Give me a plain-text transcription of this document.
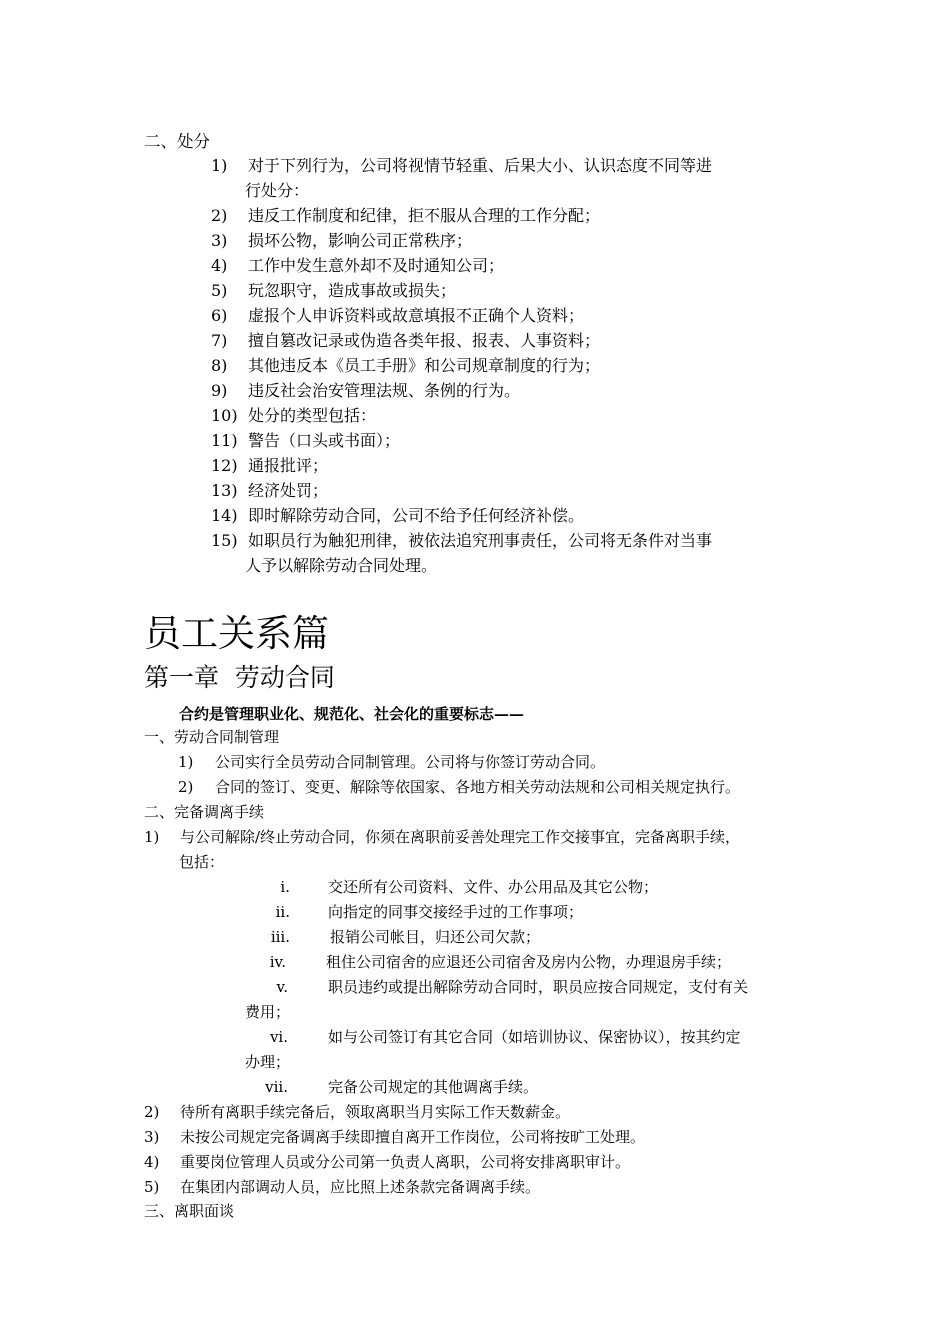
二、处分
1) 对于下列行为，公司将视情节轻重、后果大小、认识态度不同等进
行处分：
2) 违反工作制度和纪律，拒不服从合理的工作分配；
3) 损坏公物，影响公司正常秩序；
4) 工作中发生意外却不及时通知公司；
5) 玩忽职守，造成事故或损失；
6) 虚报个人申诉资料或故意填报不正确个人资料；
7) 擅自篡改记录或伪造各类年报、报表、人事资料；
8) 其他违反本《员工手册》和公司规章制度的行为；
9) 违反社会治安管理法规、条例的行为。
10) 处分的类型包括：
11) 警告（口头或书面）；
12) 通报批评；
13) 经济处罚；
14) 即时解除劳动合同，公司不给予任何经济补偿。
15) 如职员行为触犯刑律，被依法追究刑事责任，公司将无条件对当事
人予以解除劳动合同处理。
员工关系篇
第一章  劳动合同
合约是管理职业化、规范化、社会化的重要标志——
一、劳动合同制管理
1) 公司实行全员劳动合同制管理。公司将与你签订劳动合同。
2) 合同的签订、变更、解除等依国家、各地方相关劳动法规和公司相关规定执行。
二、完备调离手续
1) 与公司解除/终止劳动合同，你须在离职前妥善处理完工作交接事宜，完备离职手续，
包括：
i.	交还所有公司资料、文件、办公用品及其它公物；
ii.	向指定的同事交接经手过的工作事项；
iii.	报销公司帐目，归还公司欠款；
iv.	租住公司宿舍的应退还公司宿舍及房内公物，办理退房手续；
v.	职员违约或提出解除劳动合同时，职员应按合同规定，支付有关
费用；
vi.	如与公司签订有其它合同（如培训协议、保密协议），按其约定
办理；
vii.	完备公司规定的其他调离手续。
2) 待所有离职手续完备后，领取离职当月实际工作天数薪金。
3) 未按公司规定完备调离手续即擅自离开工作岗位，公司将按旷工处理。
4) 重要岗位管理人员或分公司第一负责人离职，公司将安排离职审计。
5) 在集团内部调动人员，应比照上述条款完备调离手续。
三、离职面谈
